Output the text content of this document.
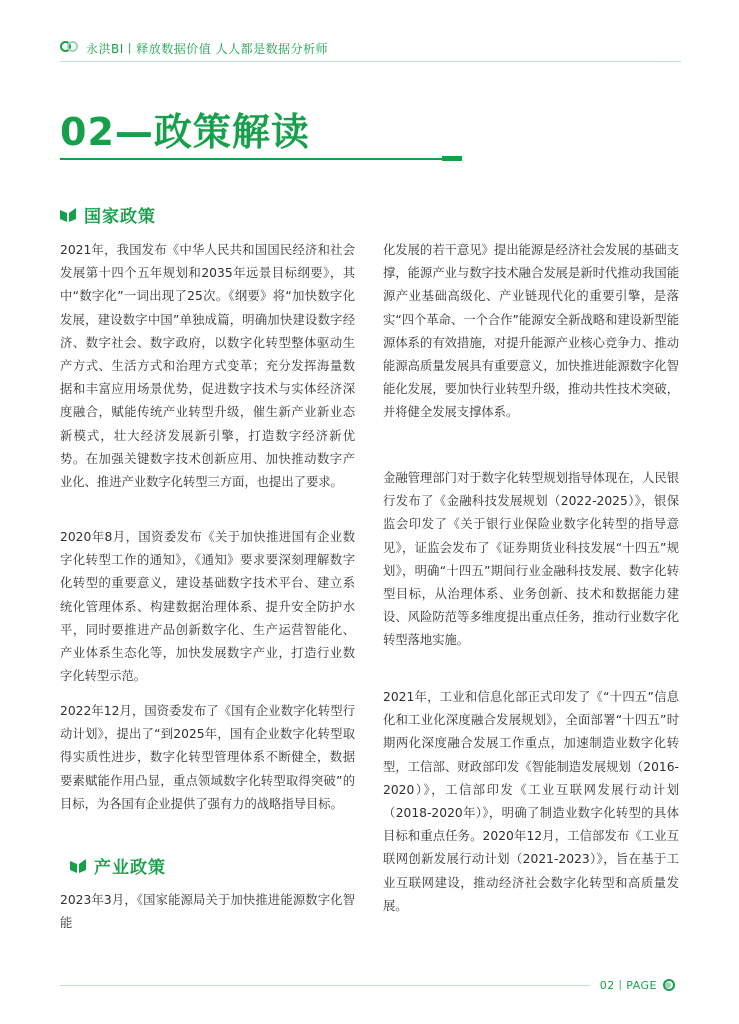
永洪BI丨释放数据价值 人人都是数据分析师
02—政策解读
国家政策

2021年，我国发布《中华人民共和国国民经济和社会发展第十四个五年规划和2035年远景目标纲要》，其中“数字化”一词出现了25次。《纲要》将“加快数字化发展，建设数字中国”单独成篇，明确加快建设数字经济、数字社会、数字政府，以数字化转型整体驱动生产方式、生活方式和治理方式变革；充分发挥海量数据和丰富应用场景优势，促进数字技术与实体经济深度融合，赋能传统产业转型升级，催生新产业新业态新模式，壮大经济发展新引擎，打造数字经济新优势。在加强关键数字技术创新应用、加快推动数字产业化、推进产业数字化转型三方面，也提出了要求。

2020年8月，国资委发布《关于加快推进国有企业数字化转型工作的通知》，《通知》要求要深刻理解数字化转型的重要意义，建设基础数字技术平台、建立系统化管理体系、构建数据治理体系、提升安全防护水平，同时要推进产品创新数字化、生产运营智能化、产业体系生态化等，加快发展数字产业，打造行业数字化转型示范。

2022年12月，国资委发布了《国有企业数字化转型行动计划》，提出了“到2025年，国有企业数字化转型取得实质性进步，数字化转型管理体系不断健全，数据要素赋能作用凸显，重点领域数字化转型取得突破”的目标，为各国有企业提供了强有力的战略指导目标。

产业政策

2023年3月，《国家能源局关于加快推进能源数字化智能

化发展的若干意见》提出能源是经济社会发展的基础支撑，能源产业与数字技术融合发展是新时代推动我国能源产业基础高级化、产业链现代化的重要引擎，是落实“四个革命、一个合作”能源安全新战略和建设新型能源体系的有效措施，对提升能源产业核心竞争力、推动能源高质量发展具有重要意义，加快推进能源数字化智能化发展，要加快行业转型升级，推动共性技术突破，并将健全发展支撑体系。

金融管理部门对于数字化转型规划指导体现在，人民银行发布了《金融科技发展规划（2022-2025）》，银保监会印发了《关于银行业保险业数字化转型的指导意见》，证监会发布了《证券期货业科技发展“十四五”规划》，明确“十四五”期间行业金融科技发展、数字化转型目标，从治理体系、业务创新、技术和数据能力建设、风险防范等多维度提出重点任务，推动行业数字化转型落地实施。

2021年，工业和信息化部正式印发了《“十四五”信息化和工业化深度融合发展规划》，全面部署“十四五”时期两化深度融合发展工作重点，加速制造业数字化转型，工信部、财政部印发《智能制造发展规划（2016-2020）》，工信部印发《工业互联网发展行动计划（2018-2020年）》，明确了制造业数字化转型的具体目标和重点任务。2020年12月，工信部发布《工业互联网创新发展行动计划（2021-2023）》，旨在基于工业互联网建设，推动经济社会数字化转型和高质量发展。

02丨PAGE
